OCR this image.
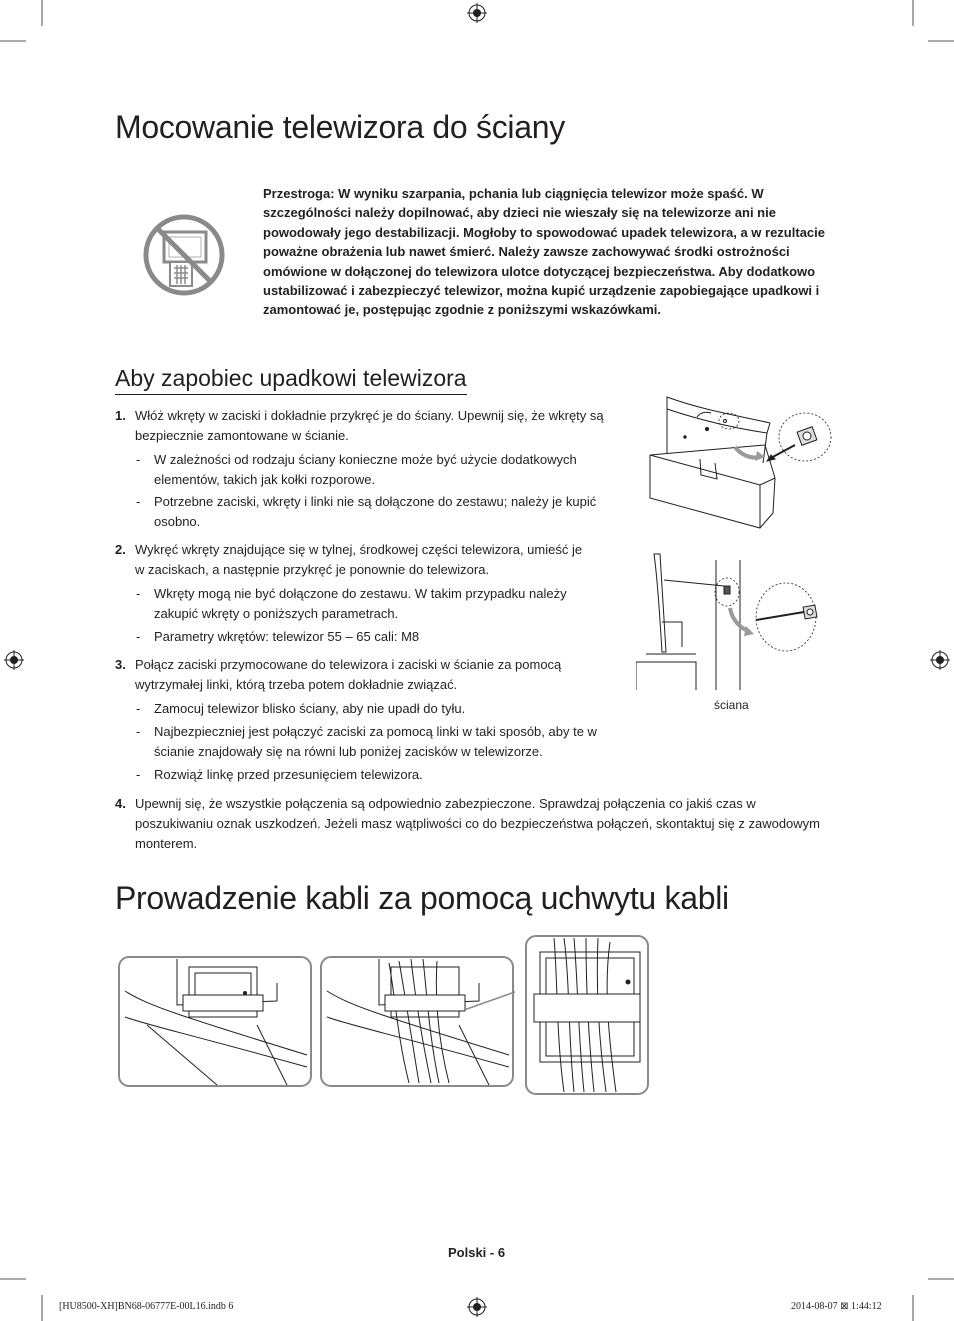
Mocowanie telewizora do ściany
Przestroga: W wyniku szarpania, pchania lub ciągnięcia telewizor może spaść. W szczególności należy dopilnować, aby dzieci nie wieszały się na telewizorze ani nie powodowały jego destabilizacji. Mogłoby to spowodować upadek telewizora, a w rezultacie poważne obrażenia lub nawet śmierć. Należy zawsze zachowywać środki ostrożności omówione w dołączonej do telewizora ulotce dotyczącej bezpieczeństwa. Aby dodatkowo ustabilizować i zabezpieczyć telewizor, można kupić urządzenie zapobiegające upadkowi i zamontować je, postępując zgodnie z poniższymi wskazówkami.
Aby zapobiec upadkowi telewizora
1. Włóż wkręty w zaciski i dokładnie przykręć je do ściany. Upewnij się, że wkręty są bezpiecznie zamontowane w ścianie.
- W zależności od rodzaju ściany konieczne może być użycie dodatkowych elementów, takich jak kołki rozporowe.
- Potrzebne zaciski, wkręty i linki nie są dołączone do zestawu; należy je kupić osobno.
2. Wykręć wkręty znajdujące się w tylnej, środkowej części telewizora, umieść je w zaciskach, a następnie przykręć je ponownie do telewizora.
- Wkręty mogą nie być dołączone do zestawu. W takim przypadku należy zakupić wkręty o poniższych parametrach.
- Parametry wkrętów: telewizor 55 – 65 cali: M8
3. Połącz zaciski przymocowane do telewizora i zaciski w ścianie za pomocą wytrzymałej linki, którą trzeba potem dokładnie związać.
- Zamocuj telewizor blisko ściany, aby nie upadł do tyłu.
- Najbezpieczniej jest połączyć zaciski za pomocą linki w taki sposób, aby te w ścianie znajdowały się na równi lub poniżej zacisków w telewizorze.
- Rozwiąż linkę przed przesunięciem telewizora.
4. Upewnij się, że wszystkie połączenia są odpowiednio zabezpieczone. Sprawdzaj połączenia co jakiś czas w poszukiwaniu oznak uszkodzeń. Jeżeli masz wątpliwości co do bezpieczeństwa połączeń, skontaktuj się z zawodowym monterem.
ściana
Prowadzenie kabli za pomocą uchwytu kabli
Polski - 6
[HU8500-XH]BN68-06777E-00L16.indb 6	2014-08-07 ⊠ 1:44:12
